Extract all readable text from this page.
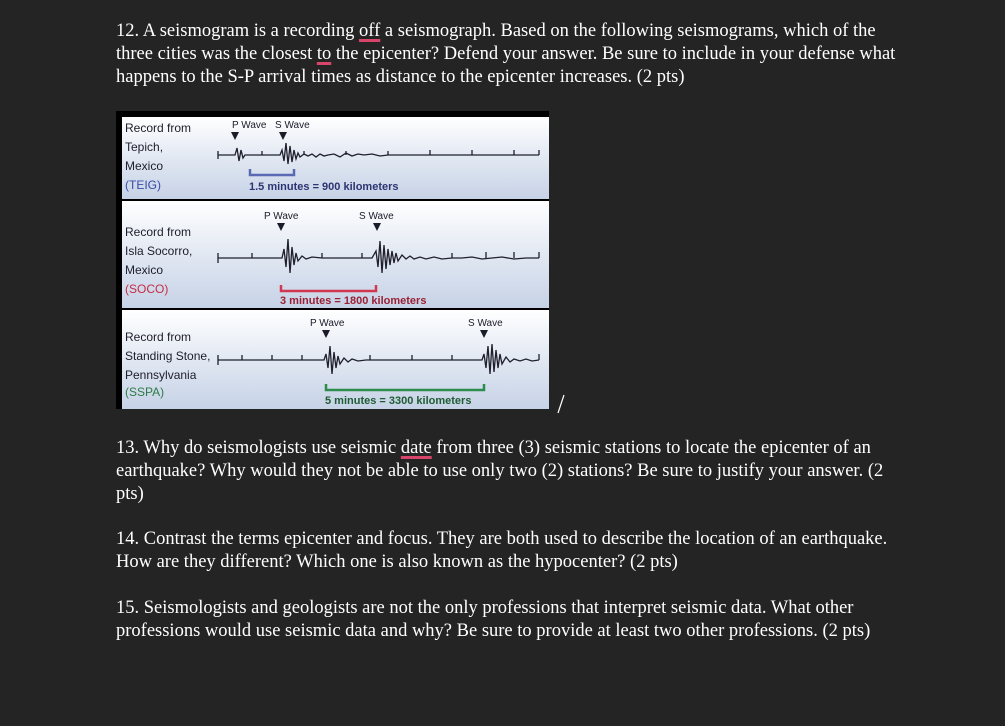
12. A seismogram is a recording off a seismograph. Based on the following seismograms, which of the three cities was the closest to the epicenter? Defend your answer. Be sure to include in your defense what happens to the S-P arrival times as distance to the epicenter increases. (2 pts)
P Wave S Wave
1.5 minutes = 900 kilometers
Record from
Tepich,
Mexico
(TEIG)
P Wave	S Wave
3 minutes = 1800 kilometers
Record from
Isla Socorro,
Mexico
(SOCO)
P Wave	S Wave
5 minutes = 3300 kilometers
Record from
Standing Stone,
Pennsylvania
(SSPA)
13. Why do seismologists use seismic date from three (3) seismic stations to locate the epicenter of an earthquake? Why would they not be able to use only two (2) stations? Be sure to justify your answer. (2 pts)
14. Contrast the terms epicenter and focus. They are both used to describe the location of an earthquake. How are they different? Which one is also known as the hypocenter? (2 pts)
15. Seismologists and geologists are not the only professions that interpret seismic data. What other professions would use seismic data and why? Be sure to provide at least two other professions. (2 pts)
